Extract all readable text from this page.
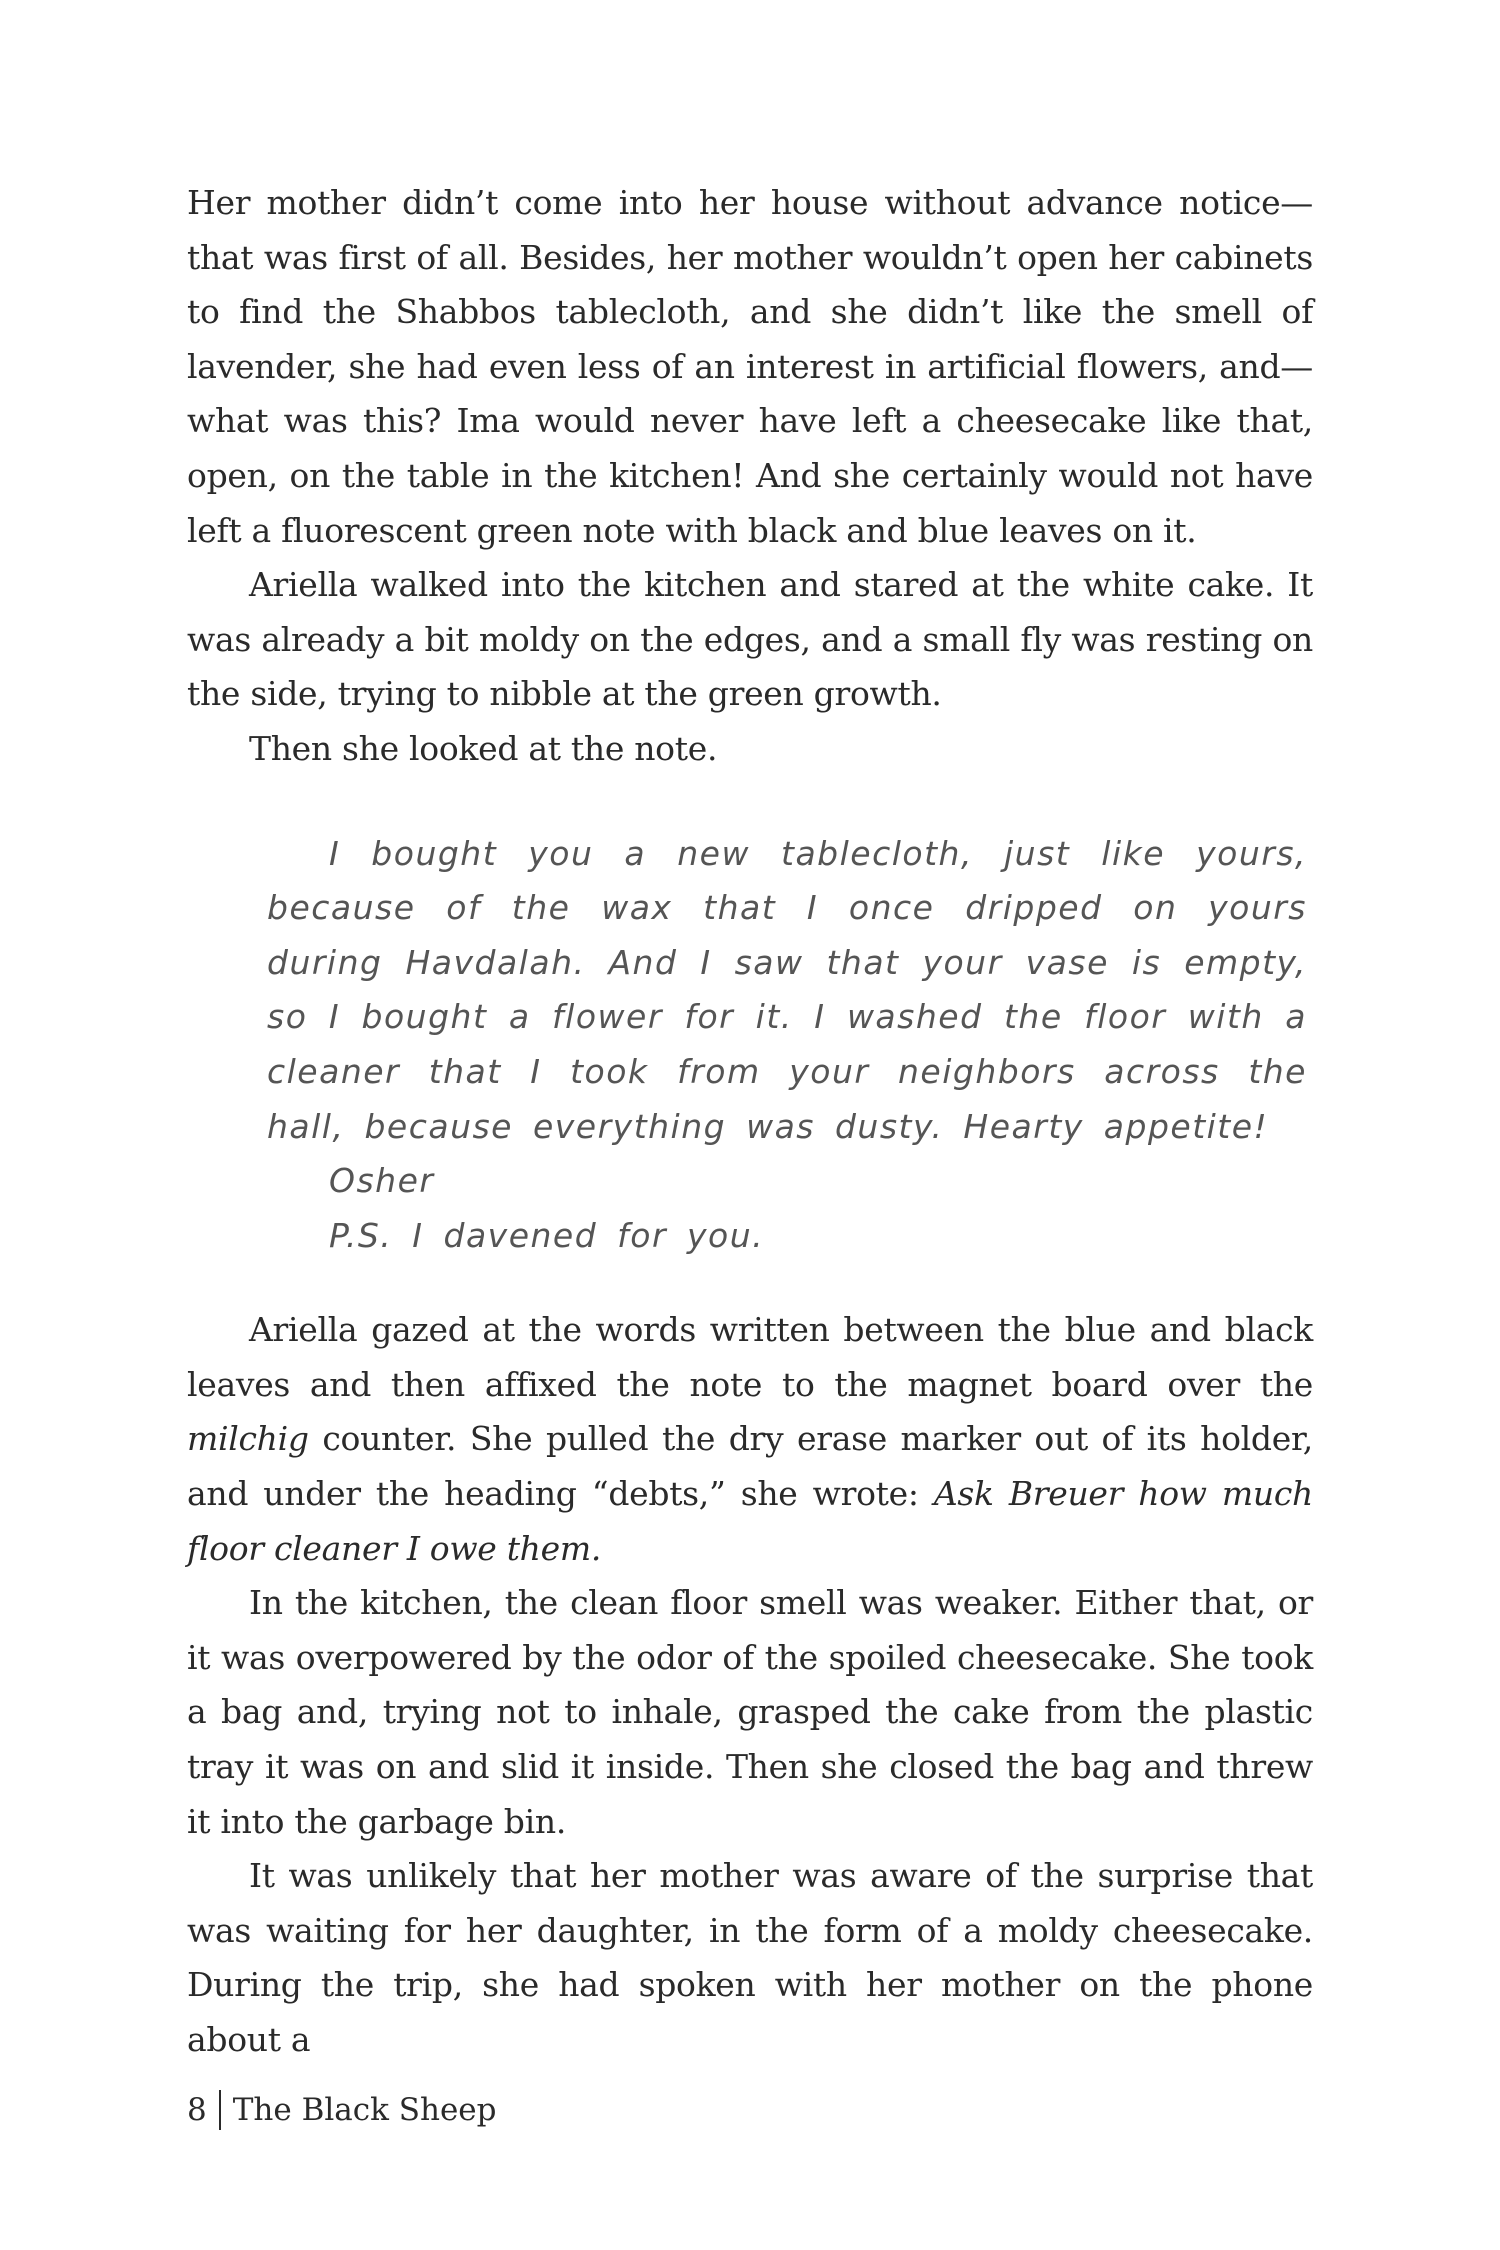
Her mother didn’t come into her house without advance notice—that was first of all. Besides, her mother wouldn’t open her cabinets to find the Shabbos tablecloth, and she didn’t like the smell of lavender, she had even less of an interest in artificial flowers, and—what was this? Ima would never have left a cheesecake like that, open, on the table in the kitchen! And she certainly would not have left a fluorescent green note with black and blue leaves on it.

Ariella walked into the kitchen and stared at the white cake. It was already a bit moldy on the edges, and a small fly was resting on the side, trying to nibble at the green growth.

Then she looked at the note.

I bought you a new tablecloth, just like yours, because of the wax that I once dripped on yours during Havdalah. And I saw that your vase is empty, so I bought a flower for it. I washed the floor with a cleaner that I took from your neighbors across the hall, because everything was dusty. Hearty appetite!

Osher

P.S. I davened for you.

Ariella gazed at the words written between the blue and black leaves and then affixed the note to the magnet board over the milchig counter. She pulled the dry erase marker out of its holder, and under the heading “debts,” she wrote: Ask Breuer how much floor cleaner I owe them.

In the kitchen, the clean floor smell was weaker. Either that, or it was overpowered by the odor of the spoiled cheesecake. She took a bag and, trying not to inhale, grasped the cake from the plastic tray it was on and slid it inside. Then she closed the bag and threw it into the garbage bin.

It was unlikely that her mother was aware of the surprise that was waiting for her daughter, in the form of a moldy cheesecake. During the trip, she had spoken with her mother on the phone about a

8 The Black Sheep
